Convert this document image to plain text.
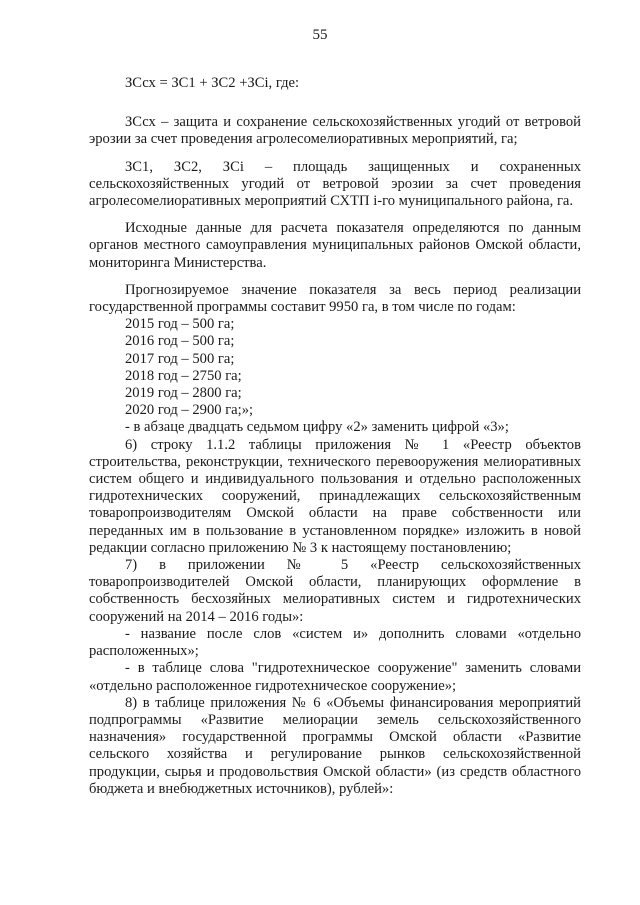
55

ЗСсх = ЗС1 + ЗС2 +ЗСi, где:

ЗСсх – защита и сохранение сельскохозяйственных угодий от ветровой эрозии за счет проведения агролесомелиоративных мероприятий, га;

ЗС1, ЗС2, ЗСi – площадь защищенных и сохраненных сельскохозяйственных угодий от ветровой эрозии за счет проведения агролесомелиоративных мероприятий СХТП i-го муниципального района, га.

Исходные данные для расчета показателя определяются по данным органов местного самоуправления муниципальных районов Омской области, мониторинга Министерства.

Прогнозируемое значение показателя за весь период реализации государственной программы составит 9950 га, в том числе по годам:

2015 год – 500 га;
2016 год – 500 га;
2017 год – 500 га;
2018 год – 2750 га;
2019 год – 2800 га;
2020 год – 2900 га;»;

- в абзаце двадцать седьмом цифру «2» заменить цифрой «3»;

6) строку 1.1.2 таблицы приложения № 1 «Реестр объектов строительства, реконструкции, технического перевооружения мелиоративных систем общего и индивидуального пользования и отдельно расположенных гидротехнических сооружений, принадлежащих сельскохозяйственным товаропроизводителям Омской области на праве собственности или переданных им в пользование в установленном порядке» изложить в новой редакции согласно приложению № 3 к настоящему постановлению;

7) в приложении № 5 «Реестр сельскохозяйственных товаропроизводителей Омской области, планирующих оформление в собственность бесхозяйных мелиоративных систем и гидротехнических сооружений на 2014 – 2016 годы»:

- название после слов «систем и» дополнить словами «отдельно расположенных»;

- в таблице слова "гидротехническое сооружение" заменить словами «отдельно расположенное гидротехническое сооружение»;

8) в таблице приложения № 6 «Объемы финансирования мероприятий подпрограммы «Развитие мелиорации земель сельскохозяйственного назначения» государственной программы Омской области «Развитие сельского хозяйства и регулирование рынков сельскохозяйственной продукции, сырья и продовольствия Омской области» (из средств областного бюджета и внебюджетных источников), рублей»:
